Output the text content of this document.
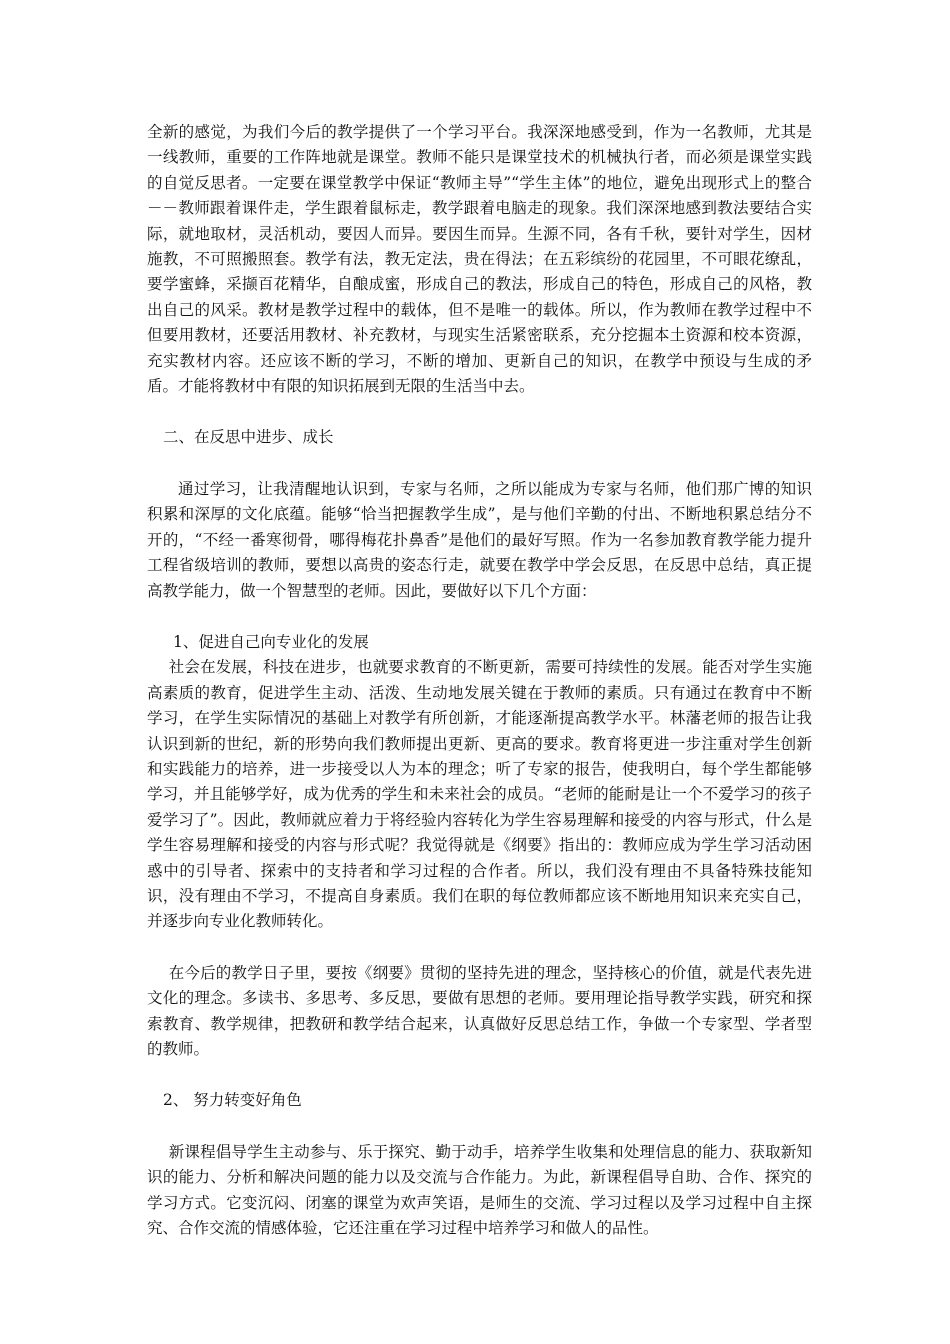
全新的感觉，为我们今后的教学提供了一个学习平台。我深深地感受到，作为一名教师，尤其是一线教师，重要的工作阵地就是课堂。教师不能只是课堂技术的机械执行者，而必须是课堂实践的自觉反思者。一定要在课堂教学中保证“教师主导”“学生主体”的地位，避免出现形式上的整合－－教师跟着课件走，学生跟着鼠标走，教学跟着电脑走的现象。我们深深地感到教法要结合实际，就地取材，灵活机动，要因人而异。要因生而异。生源不同，各有千秋，要针对学生，因材施教，不可照搬照套。教学有法，教无定法，贵在得法；在五彩缤纷的花园里，不可眼花缭乱，要学蜜蜂，采撷百花精华，自酿成蜜，形成自己的教法，形成自己的特色，形成自己的风格，教出自己的风采。教材是教学过程中的载体，但不是唯一的载体。所以，作为教师在教学过程中不但要用教材，还要活用教材、补充教材，与现实生活紧密联系，充分挖掘本土资源和校本资源，充实教材内容。还应该不断的学习，不断的增加、更新自己的知识，在教学中预设与生成的矛盾。才能将教材中有限的知识拓展到无限的生活当中去。

二、在反思中进步、成长

通过学习，让我清醒地认识到，专家与名师，之所以能成为专家与名师，他们那广博的知识积累和深厚的文化底蕴。能够“恰当把握教学生成”，是与他们辛勤的付出、不断地积累总结分不开的，“不经一番寒彻骨，哪得梅花扑鼻香”是他们的最好写照。作为一名参加教育教学能力提升工程省级培训的教师，要想以高贵的姿态行走，就要在教学中学会反思，在反思中总结，真正提高教学能力，做一个智慧型的老师。因此，要做好以下几个方面：

1、促进自己向专业化的发展

社会在发展，科技在进步，也就要求教育的不断更新，需要可持续性的发展。能否对学生实施高素质的教育，促进学生主动、活泼、生动地发展关键在于教师的素质。只有通过在教育中不断学习，在学生实际情况的基础上对教学有所创新，才能逐渐提高教学水平。林藩老师的报告让我认识到新的世纪，新的形势向我们教师提出更新、更高的要求。教育将更进一步注重对学生创新和实践能力的培养，进一步接受以人为本的理念；听了专家的报告，使我明白，每个学生都能够学习，并且能够学好，成为优秀的学生和未来社会的成员。“老师的能耐是让一个不爱学习的孩子爱学习了”。因此，教师就应着力于将经验内容转化为学生容易理解和接受的内容与形式，什么是学生容易理解和接受的内容与形式呢？我觉得就是《纲要》指出的：教师应成为学生学习活动困惑中的引导者、探索中的支持者和学习过程的合作者。所以，我们没有理由不具备特殊技能知识，没有理由不学习，不提高自身素质。我们在职的每位教师都应该不断地用知识来充实自己，并逐步向专业化教师转化。

在今后的教学日子里，要按《纲要》贯彻的坚持先进的理念，坚持核心的价值，就是代表先进文化的理念。多读书、多思考、多反思，要做有思想的老师。要用理论指导教学实践，研究和探索教育、教学规律，把教研和教学结合起来，认真做好反思总结工作，争做一个专家型、学者型的教师。

2、 努力转变好角色

新课程倡导学生主动参与、乐于探究、勤于动手，培养学生收集和处理信息的能力、获取新知识的能力、分析和解决问题的能力以及交流与合作能力。为此，新课程倡导自助、合作、探究的学习方式。它变沉闷、闭塞的课堂为欢声笑语，是师生的交流、学习过程以及学习过程中自主探究、合作交流的情感体验，它还注重在学习过程中培养学习和做人的品性。
